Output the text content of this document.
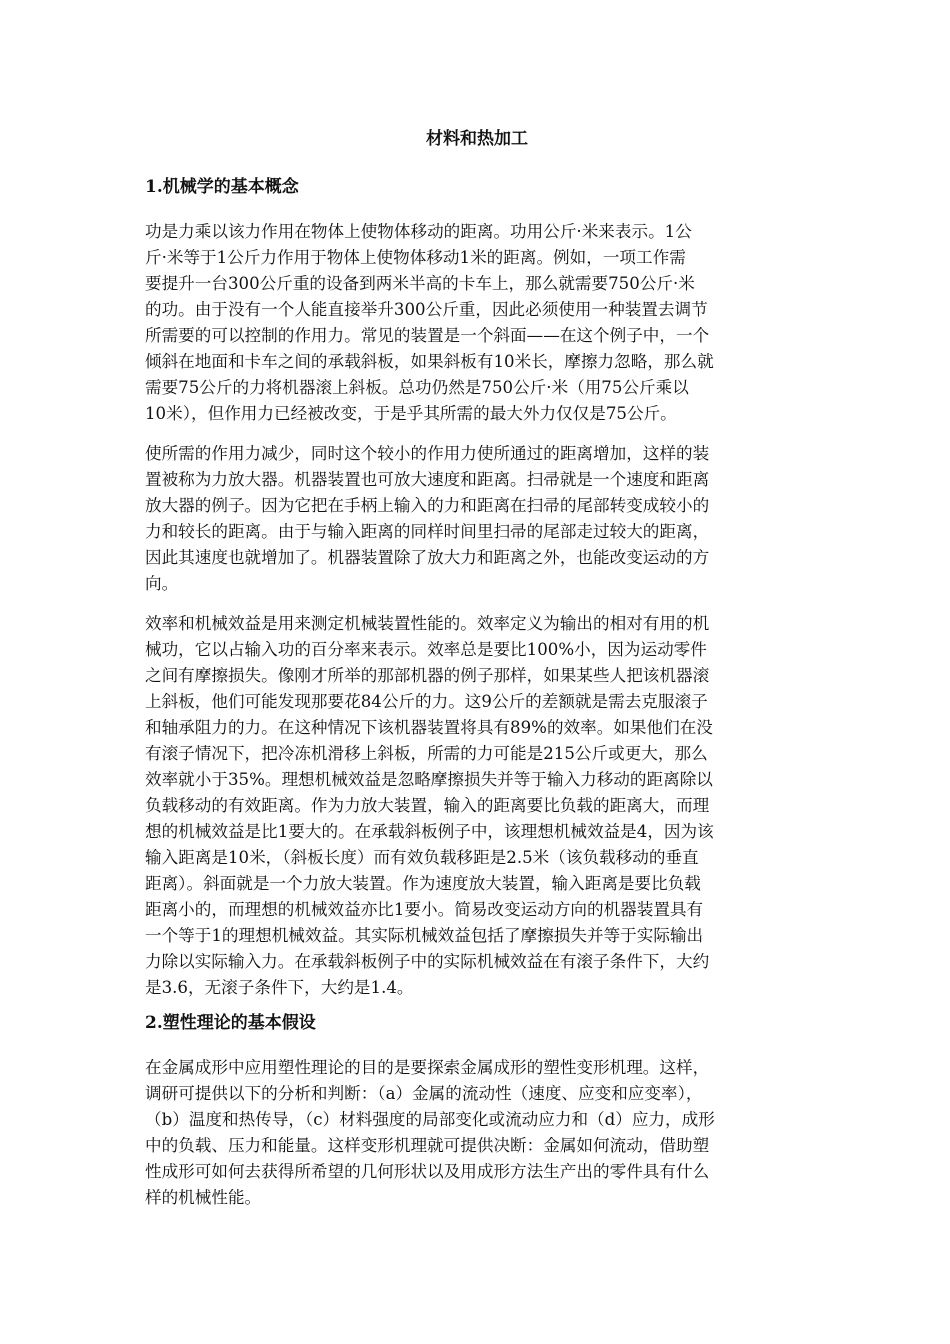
材料和热加工
1.机械学的基本概念

功是力乘以该力作用在物体上使物体移动的距离。功用公斤·米来表示。1公
斤·米等于1公斤力作用于物体上使物体移动1米的距离。例如，一项工作需
要提升一台300公斤重的设备到两米半高的卡车上，那么就需要750公斤·米
的功。由于没有一个人能直接举升300公斤重，因此必须使用一种装置去调节
所需要的可以控制的作用力。常见的装置是一个斜面——在这个例子中，一个
倾斜在地面和卡车之间的承载斜板，如果斜板有10米长，摩擦力忽略，那么就
需要75公斤的力将机器滚上斜板。总功仍然是750公斤·米（用75公斤乘以
10米），但作用力已经被改变，于是乎其所需的最大外力仅仅是75公斤。

使所需的作用力减少，同时这个较小的作用力使所通过的距离增加，这样的装
置被称为力放大器。机器装置也可放大速度和距离。扫帚就是一个速度和距离
放大器的例子。因为它把在手柄上输入的力和距离在扫帚的尾部转变成较小的
力和较长的距离。由于与输入距离的同样时间里扫帚的尾部走过较大的距离，
因此其速度也就增加了。机器装置除了放大力和距离之外，也能改变运动的方
向。

效率和机械效益是用来测定机械装置性能的。效率定义为输出的相对有用的机
械功，它以占输入功的百分率来表示。效率总是要比100%小，因为运动零件
之间有摩擦损失。像刚才所举的那部机器的例子那样，如果某些人把该机器滚
上斜板，他们可能发现那要花84公斤的力。这9公斤的差额就是需去克服滚子
和轴承阻力的力。在这种情况下该机器装置将具有89%的效率。如果他们在没
有滚子情况下，把冷冻机滑移上斜板，所需的力可能是215公斤或更大，那么
效率就小于35%。理想机械效益是忽略摩擦损失并等于输入力移动的距离除以
负载移动的有效距离。作为力放大装置，输入的距离要比负载的距离大，而理
想的机械效益是比1要大的。在承载斜板例子中，该理想机械效益是4，因为该
输入距离是10米，（斜板长度）而有效负载移距是2.5米（该负载移动的垂直
距离）。斜面就是一个力放大装置。作为速度放大装置，输入距离是要比负载
距离小的，而理想的机械效益亦比1要小。简易改变运动方向的机器装置具有
一个等于1的理想机械效益。其实际机械效益包括了摩擦损失并等于实际输出
力除以实际输入力。在承载斜板例子中的实际机械效益在有滚子条件下，大约
是3.6，无滚子条件下，大约是1.4。

2.塑性理论的基本假设

在金属成形中应用塑性理论的目的是要探索金属成形的塑性变形机理。这样，
调研可提供以下的分析和判断：（a）金属的流动性（速度、应变和应变率），
（b）温度和热传导，（c）材料强度的局部变化或流动应力和（d）应力，成形
中的负载、压力和能量。这样变形机理就可提供决断：金属如何流动，借助塑
性成形可如何去获得所希望的几何形状以及用成形方法生产出的零件具有什么
样的机械性能。
